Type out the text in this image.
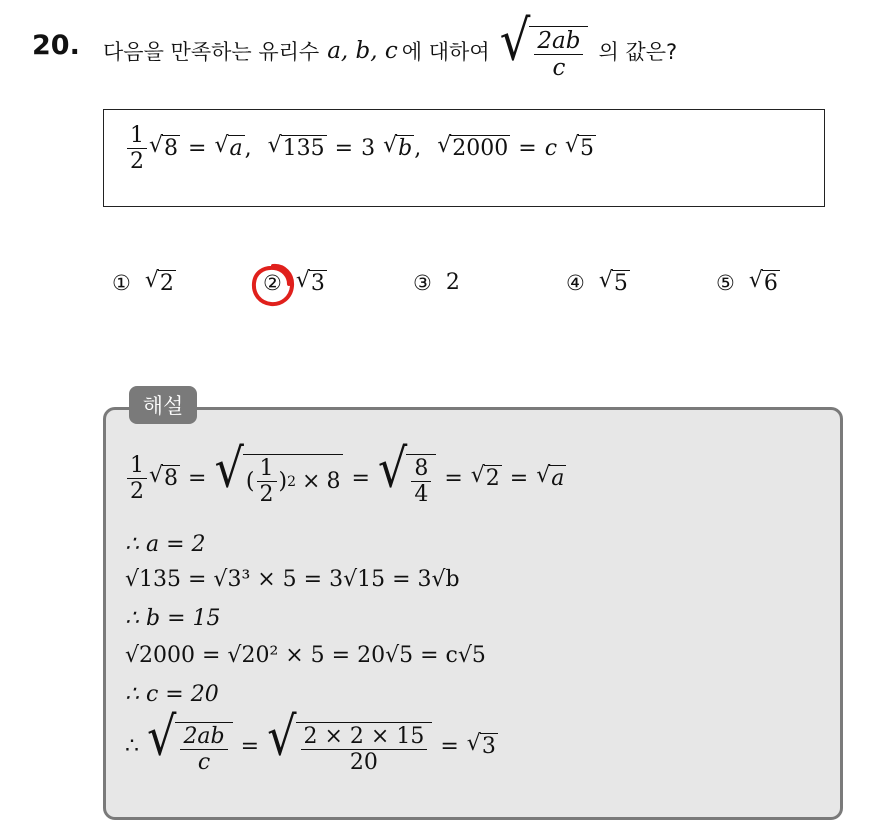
20. 다음을 만족하는 유리수 a, b, c 에 대하여 √ $\frac{2ab}{c}$ 의 값은?
$\frac{1}{2}$ √ 8 = √ a , √ 135 = 3 √ b , √ 2000 = c √ 5
① √ 2	② √ 3	③ 2	④ √ 5	⑤ √ 6
해설
$\frac{1}{2}$ √ 8 = √ ( $\frac{1}{2}$ ) 2 × 8 = √ $\frac{8}{4}$ = √ 2 = √ a
∴ a = 2
√135 = √3³ × 5 = 3√15 = 3√b
∴ b = 15
√2000 = √20² × 5 = 20√5 = c√5
∴ c = 20
∴ √ $\frac{2ab}{c}$ = √ $\frac{2 \times 2 \times 15}{20}$ = √ 3
